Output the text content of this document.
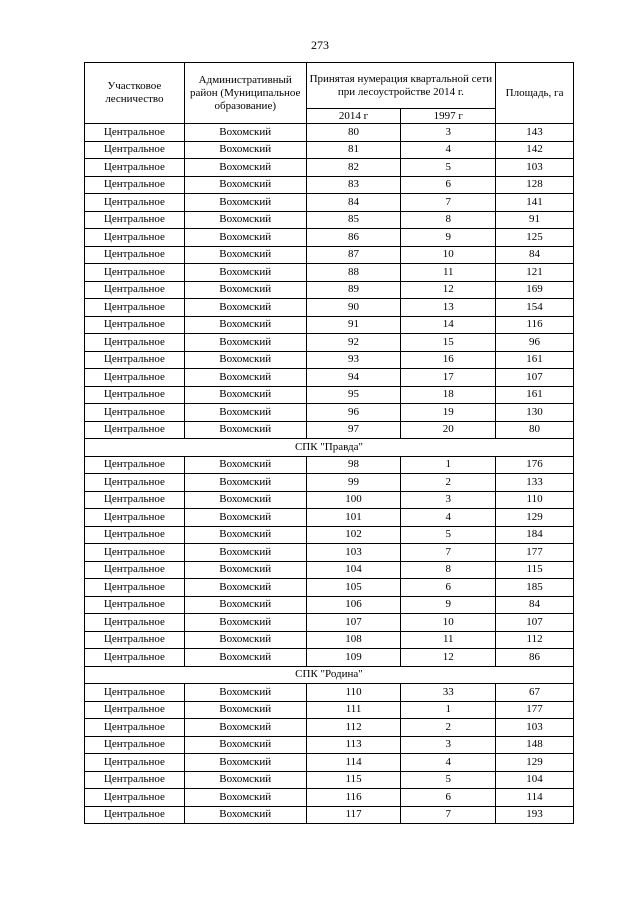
273
Участковое лесничество	Административный район (Муниципальное образование)	Принятая нумерация квартальной сети при лесоустройстве 2014 г.		Площадь, га
		2014 г	1997 г	
Центральное	Вохомский	80	3	143
Центральное	Вохомский	81	4	142
Центральное	Вохомский	82	5	103
Центральное	Вохомский	83	6	128
Центральное	Вохомский	84	7	141
Центральное	Вохомский	85	8	91
Центральное	Вохомский	86	9	125
Центральное	Вохомский	87	10	84
Центральное	Вохомский	88	11	121
Центральное	Вохомский	89	12	169
Центральное	Вохомский	90	13	154
Центральное	Вохомский	91	14	116
Центральное	Вохомский	92	15	96
Центральное	Вохомский	93	16	161
Центральное	Вохомский	94	17	107
Центральное	Вохомский	95	18	161
Центральное	Вохомский	96	19	130
Центральное	Вохомский	97	20	80
СПК "Правда"				
Центральное	Вохомский	98	1	176
Центральное	Вохомский	99	2	133
Центральное	Вохомский	100	3	110
Центральное	Вохомский	101	4	129
Центральное	Вохомский	102	5	184
Центральное	Вохомский	103	7	177
Центральное	Вохомский	104	8	115
Центральное	Вохомский	105	6	185
Центральное	Вохомский	106	9	84
Центральное	Вохомский	107	10	107
Центральное	Вохомский	108	11	112
Центральное	Вохомский	109	12	86
СПК "Родина"				
Центральное	Вохомский	110	33	67
Центральное	Вохомский	111	1	177
Центральное	Вохомский	112	2	103
Центральное	Вохомский	113	3	148
Центральное	Вохомский	114	4	129
Центральное	Вохомский	115	5	104
Центральное	Вохомский	116	6	114
Центральное	Вохомский	117	7	193
